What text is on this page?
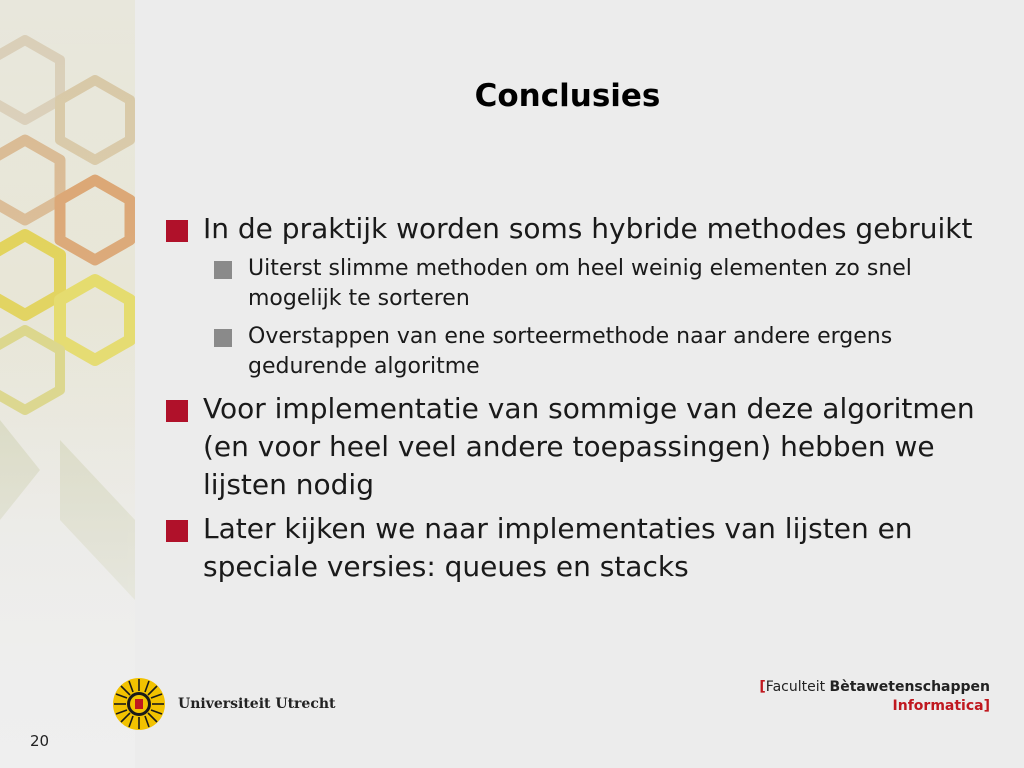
Conclusies
In de praktijk worden soms hybride methodes gebruikt
Uiterst slimme methoden om heel weinig elementen zo snel mogelijk te sorteren
Overstappen van ene sorteermethode naar andere ergens gedurende algoritme
Voor implementatie van sommige van deze algoritmen (en voor heel veel andere toepassingen) hebben we lijsten nodig
Later kijken we naar implementaties van lijsten en speciale versies: queues en stacks
Universiteit Utrecht
[Faculteit Bètawetenschappen
Informatica]
20
